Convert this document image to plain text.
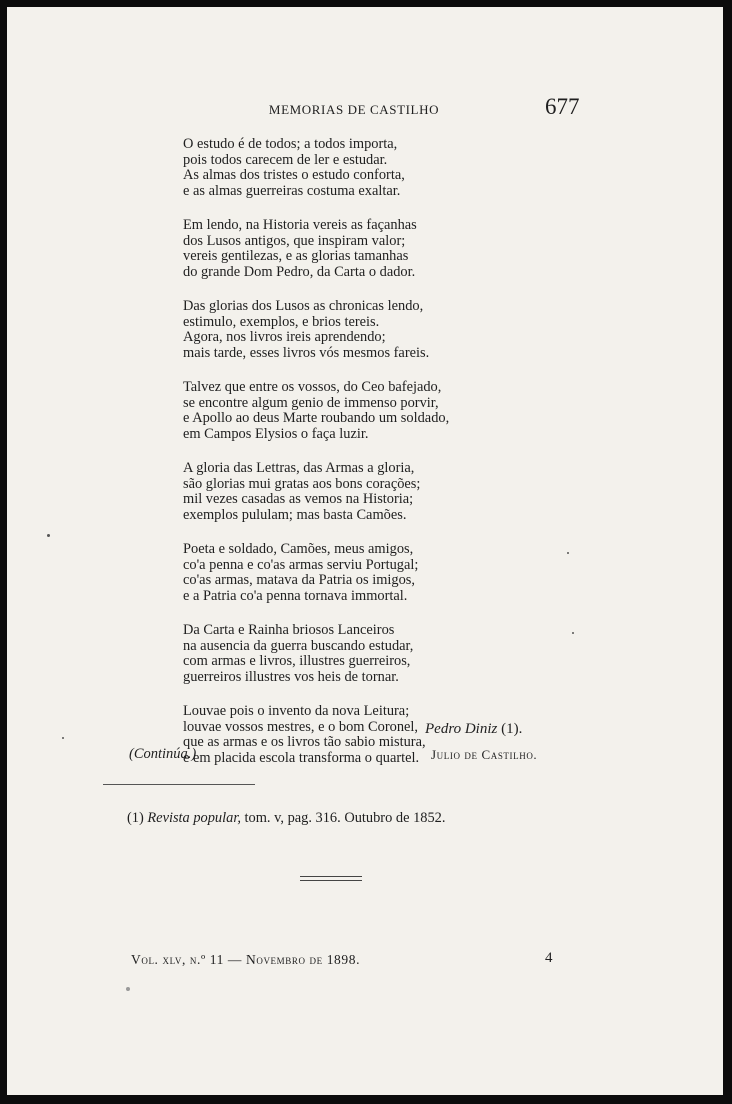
MEMORIAS DE CASTILHO	677
O estudo é de todos; a todos importa,
pois todos carecem de ler e estudar.
As almas dos tristes o estudo conforta,
e as almas guerreiras costuma exaltar.
Em lendo, na Historia vereis as façanhas
dos Lusos antigos, que inspiram valor;
vereis gentilezas, e as glorias tamanhas
do grande Dom Pedro, da Carta o dador.
Das glorias dos Lusos as chronicas lendo,
estimulo, exemplos, e brios tereis.
Agora, nos livros ireis aprendendo;
mais tarde, esses livros vós mesmos fareis.
Talvez que entre os vossos, do Ceo bafejado,
se encontre algum genio de immenso porvir,
e Apollo ao deus Marte roubando um soldado,
em Campos Elysios o faça luzir.
A gloria das Lettras, das Armas a gloria,
são glorias mui gratas aos bons corações;
mil vezes casadas as vemos na Historia;
exemplos pululam; mas basta Camões.
Poeta e soldado, Camões, meus amigos,
co'a penna e co'as armas serviu Portugal;
co'as armas, matava da Patria os imigos,
e a Patria co'a penna tornava immortal.
Da Carta e Rainha briosos Lanceiros
na ausencia da guerra buscando estudar,
com armas e livros, illustres guerreiros,
guerreiros illustres vos heis de tornar.
Louvae pois o invento da nova Leitura;
louvae vossos mestres, e o bom Coronel,
que as armas e os livros tão sabio mistura,
e em placida escola transforma o quartel.
Pedro Diniz (1).
(Continúa.)	Julio de Castilho.
(1) Revista popular, tom. v, pag. 316. Outubro de 1852.
Vol. xlv, n.º 11 — Novembro de 1898.	4
